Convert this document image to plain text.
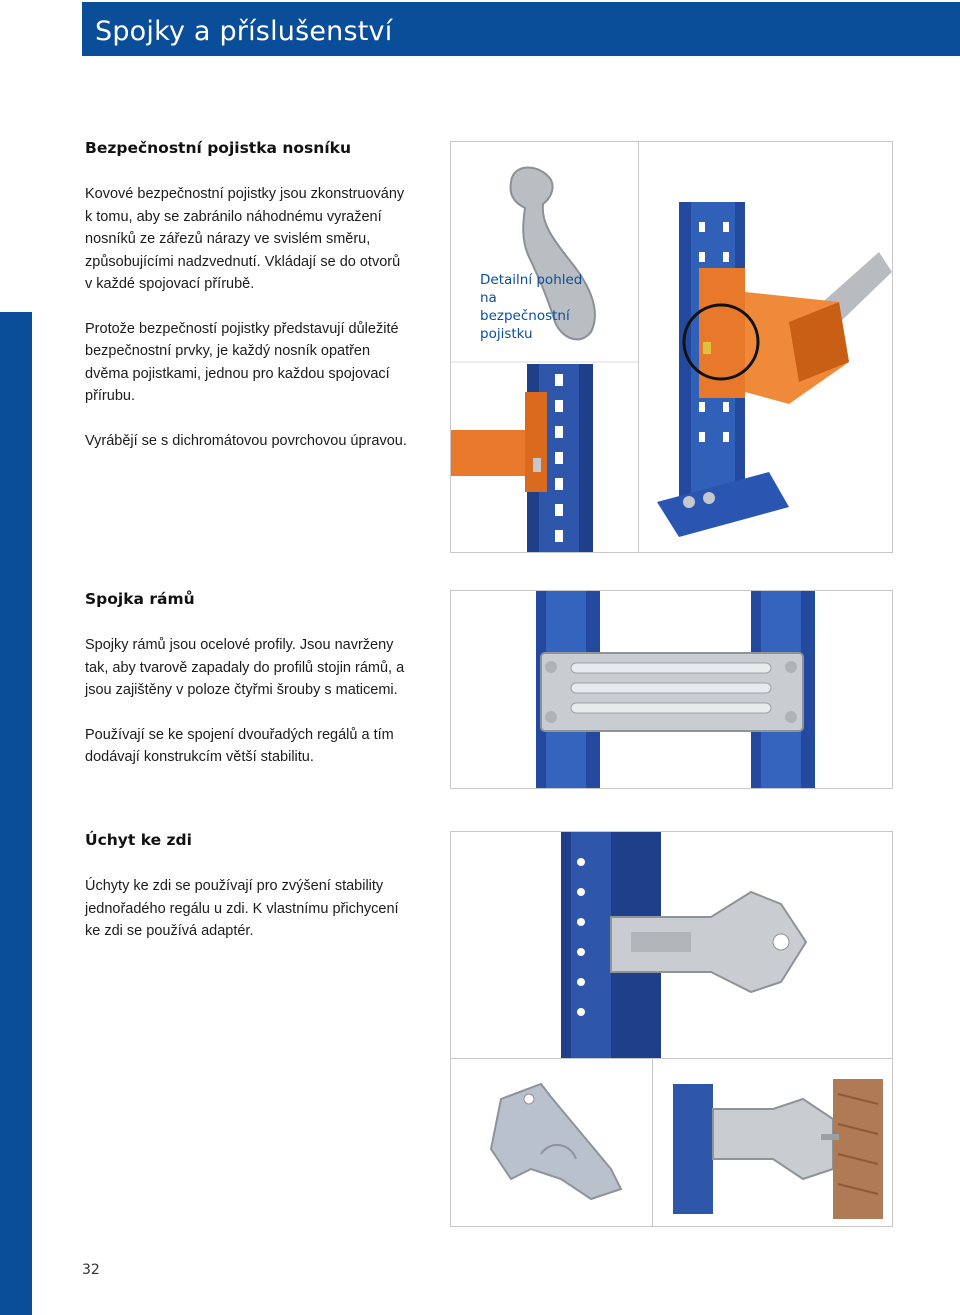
Spojky a příslušenství
Bezpečnostní pojistka nosníku

Kovové bezpečnostní pojistky jsou zkonstruovány k tomu, aby se zabránilo náhodnému vyražení nosníků ze zářezů nárazy ve svislém směru, způsobujícími nadzvednutí. Vkládají se do otvorů v každé spojovací přírubě.

Protože bezpečností pojistky představují důležité bezpečnostní prvky, je každý nosník opatřen dvěma pojistkami, jednou pro každou spojovací přírubu.

Vyrábějí se s dichromátovou povrchovou úpravou.

Spojka rámů

Spojky rámů jsou ocelové profily. Jsou navrženy tak, aby tvarově zapadaly do profilů stojin rámů, a jsou zajištěny v poloze čtyřmi šrouby s maticemi.

Používají se ke spojení dvouřadých regálů a tím dodávají konstrukcím větší stabilitu.

Úchyt ke zdi

Úchyty ke zdi se používají pro zvýšení stability jednořadého regálu u zdi. K vlastnímu přichycení ke zdi se používá adaptér.

Detailní pohled na bezpečnostní pojistku
32
